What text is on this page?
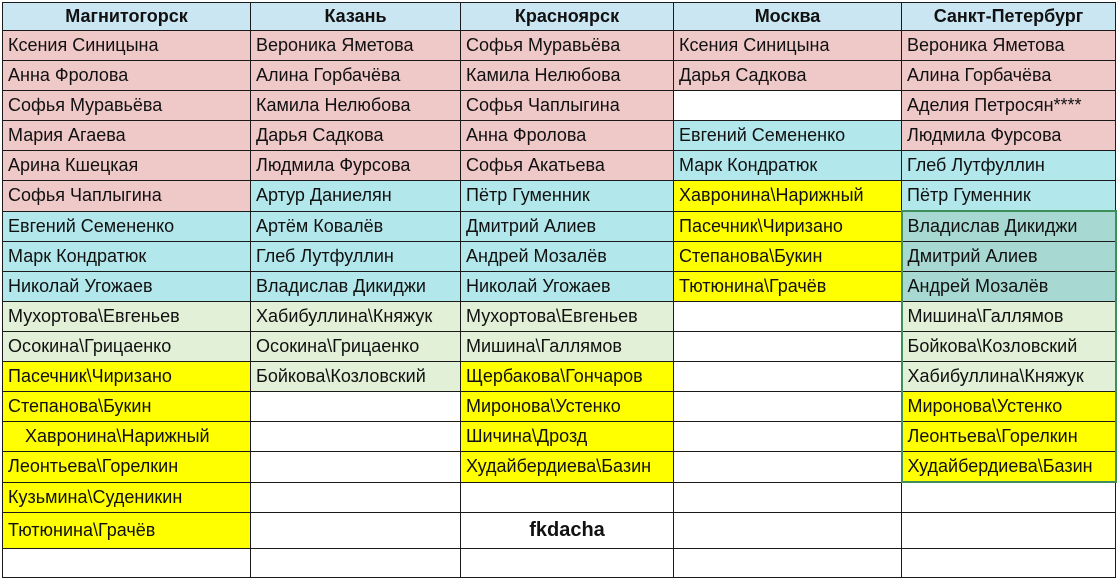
Магнитогорск	Казань	Красноярск	Москва	Санкт-Петербург
Ксения Синицына	Вероника Яметова	Софья Муравьёва	Ксения Синицына	Вероника Яметова
Анна Фролова	Алина Горбачёва	Камила Нелюбова	Дарья Садкова	Алина Горбачёва
Софья Муравьёва	Камила Нелюбова	Софья Чаплыгина		Аделия Петросян****
Мария Агаева	Дарья Садкова	Анна Фролова	Евгений Семененко	Людмила Фурсова
Арина Кшецкая	Людмила Фурсова	Софья Акатьева	Марк Кондратюк	Глеб Лутфуллин
Софья Чаплыгина	Артур Даниелян	Пётр Гуменник	Хавронина\Нарижный	Пётр Гуменник
Евгений Семененко	Артём Ковалёв	Дмитрий Алиев	Пасечник\Чиризано	Владислав Дикиджи
Марк Кондратюк	Глеб Лутфуллин	Андрей Мозалёв	Степанова\Букин	Дмитрий Алиев
Николай Угожаев	Владислав Дикиджи	Николай Угожаев	Тютюнина\Грачёв	Андрей Мозалёв
Мухортова\Евгеньев	Хабибуллина\Княжук	Мухортова\Евгеньев		Мишина\Галлямов
Осокина\Грицаенко	Осокина\Грицаенко	Мишина\Галлямов		Бойкова\Козловский
Пасечник\Чиризано	Бойкова\Козловский	Щербакова\Гончаров		Хабибуллина\Княжук
Степанова\Букин		Миронова\Устенко		Миронова\Устенко
Хавронина\Нарижный		Шичина\Дрозд		Леонтьева\Горелкин
Леонтьева\Горелкин		Худайбердиева\Базин		Худайбердиева\Базин
Кузьмина\Суденикин				
Тютюнина\Грачёв		fkdacha		
